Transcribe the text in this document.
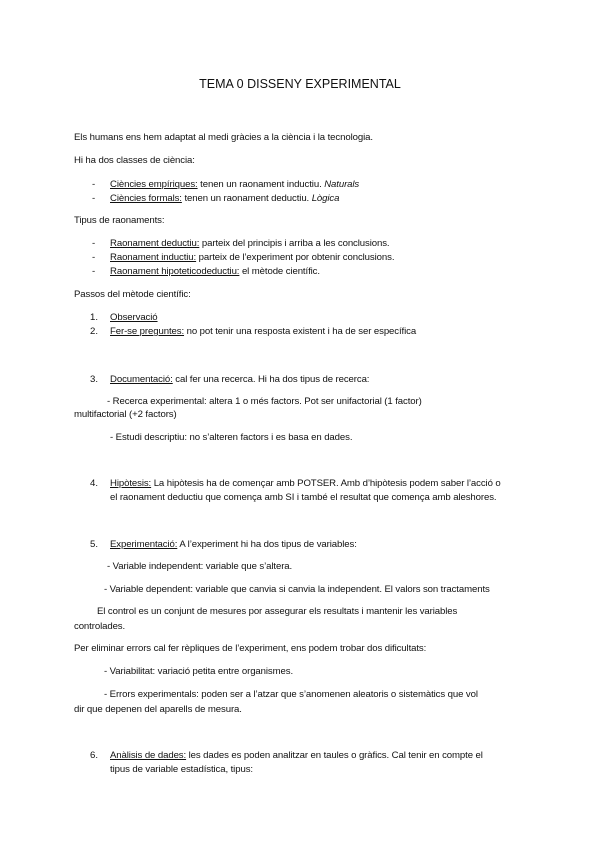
TEMA 0 DISSENY EXPERIMENTAL
Els humans ens hem adaptat al medi gràcies a la ciència i la tecnologia.
Hi ha dos classes de ciència:
- Ciències empíriques: tenen un raonament inductiu. Naturals
- Ciències formals: tenen un raonament deductiu. Lògica
Tipus de raonaments:
- Raonament deductiu: parteix del principis i arriba a les conclusions.
- Raonament inductiu: parteix de l’experiment por obtenir conclusions.
- Raonament hipoteticodeductiu: el mètode científic.
Passos del mètode científic:
1. Observació
2. Fer-se preguntes: no pot tenir una resposta existent i ha de ser específica
3. Documentació: cal fer una recerca. Hi ha dos tipus de recerca:
- Recerca experimental: altera 1 o més factors. Pot ser unifactorial (1 factor)
multifactorial (+2 factors)
- Estudi descriptiu: no s’alteren factors i es basa en dades.
4. Hipòtesis: La hipòtesis ha de començar amb POTSER. Amb d’hipòtesis podem saber l’acció o
el raonament deductiu que comença amb SI i també el resultat que comença amb aleshores.
5. Experimentació: A l’experiment hi ha dos tipus de variables:
- Variable independent: variable que s’altera.
- Variable dependent: variable que canvia si canvia la independent. El valors son tractaments
El control es un conjunt de mesures por assegurar els resultats i mantenir les variables
controlades.
Per eliminar errors cal fer rèpliques de l’experiment, ens podem trobar dos dificultats:
- Variabilitat: variació petita entre organismes.
- Errors experimentals: poden ser a l’atzar que s’anomenen aleatoris o sistemàtics que vol
dir que depenen del aparells de mesura.
6. Anàlisis de dades: les dades es poden analitzar en taules o gràfics. Cal tenir en compte el
tipus de variable estadística, tipus:
